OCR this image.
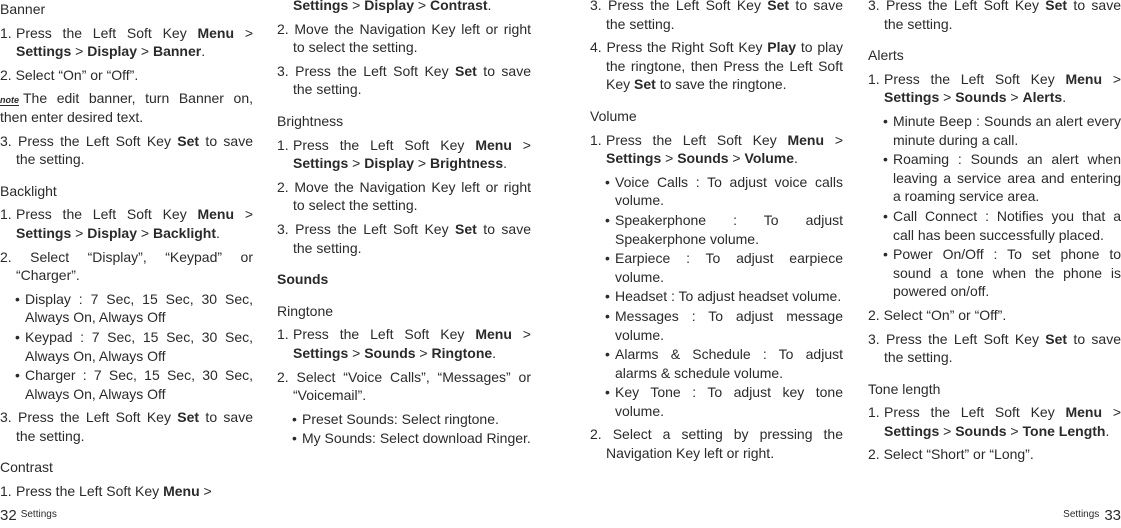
Banner

1. Press the Left Soft Key Menu > Settings > Display > Banner.

2. Select “On” or “Off”.

note The edit banner, turn Banner on, then enter desired text.

3. Press the Left Soft Key Set to save the setting.

Backlight

1. Press the Left Soft Key Menu > Settings > Display > Backlight.

2. Select “Display”, “Keypad” or “Charger”.

• Display : 7 Sec, 15 Sec, 30 Sec, Always On, Always Off
• Keypad : 7 Sec, 15 Sec, 30 Sec, Always On, Always Off
• Charger : 7 Sec, 15 Sec, 30 Sec, Always On, Always Off

3. Press the Left Soft Key Set to save the setting.

Contrast

1. Press the Left Soft Key Menu >

Settings > Display > Contrast.

2. Move the Navigation Key left or right to select the setting.

3. Press the Left Soft Key Set to save the setting.

Brightness

1. Press the Left Soft Key Menu > Settings > Display > Brightness.

2. Move the Navigation Key left or right to select the setting.

3. Press the Left Soft Key Set to save the setting.

Sounds

Ringtone

1. Press the Left Soft Key Menu > Settings > Sounds > Ringtone.

2. Select “Voice Calls”, “Messages” or “Voicemail”.

• Preset Sounds: Select ringtone.
• My Sounds: Select download Ringer.

3. Press the Left Soft Key Set to save the setting.

4. Press the Right Soft Key Play to play the ringtone, then Press the Left Soft Key Set to save the ringtone.

Volume

1. Press the Left Soft Key Menu > Settings > Sounds > Volume.

• Voice Calls : To adjust voice calls volume.
• Speakerphone : To adjust Speakerphone volume.
• Earpiece : To adjust earpiece volume.
• Headset : To adjust headset volume.
• Messages : To adjust message volume.
• Alarms & Schedule : To adjust alarms & schedule volume.
• Key Tone : To adjust key tone volume.

2. Select a setting by pressing the Navigation Key left or right.

3. Press the Left Soft Key Set to save the setting.

Alerts

1. Press the Left Soft Key Menu > Settings > Sounds > Alerts.

• Minute Beep : Sounds an alert every minute during a call.
• Roaming : Sounds an alert when leaving a service area and entering a roaming service area.
• Call Connect : Notifies you that a call has been successfully placed.
• Power On/Off : To set phone to sound a tone when the phone is powered on/off.

2. Select “On” or “Off”.

3. Press the Left Soft Key Set to save the setting.

Tone length

1. Press the Left Soft Key Menu > Settings > Sounds > Tone Length.

2. Select “Short” or “Long”.

32 $^{Settings}$	$^{Settings}$ 33
